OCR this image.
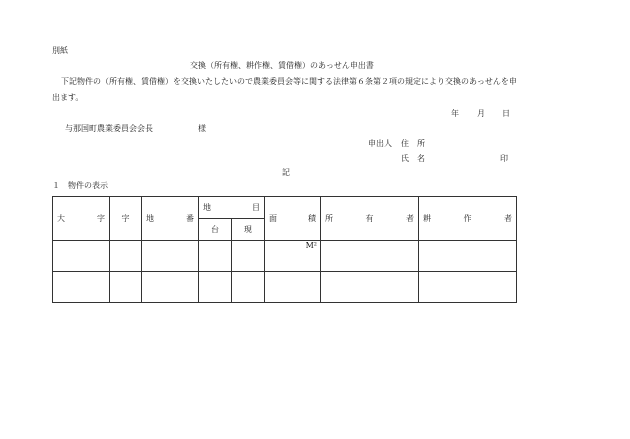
別紙
交換（所有権、耕作権、賃借権）のあっせん申出書
下記物件の（所有権、賃借権）を交換いたしたいので農業委員会等に関する法律第６条第２項の規定により交換のあっせんを申
出ます。
年 月 日
与那国町農業委員会会長	様
申出人 住　所
氏　名	印
記
１　物件の表示
大 字	字	地 番	地 目		面 積	所 有 者	耕 作 者

			台	現			
					M²		
